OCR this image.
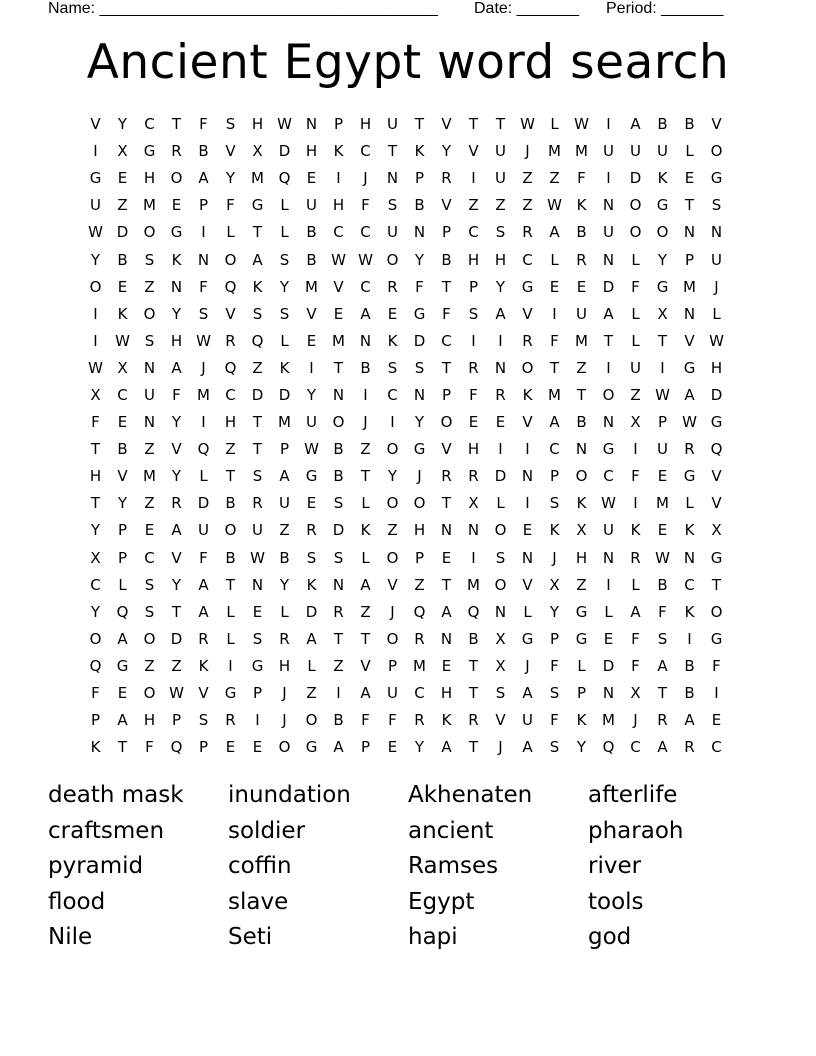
Name: ______________________________________ Date: _______ Period: _______
Ancient Egypt word search
V	Y	C	T	F	S	H W N	P	H	U	T	V	T	T	W	L	W	I	A	B	B	V
I	X	G	R	B	V	X	D	H	K	C	T	K	Y	V	U	J	M M	U	U	U	L	O
G	E	H	O	A	Y	M Q	E	I	J	N	P	R	I	U	Z	Z	F	I	D	K	E	G
U	Z	M	E	P	F	G	L	U	H	F	S	B	V	Z	Z	Z W K	N	O	G	T	S
W D	O	G	I	L	T	L	B	C	C	U	N	P	C	S	R	A	B	U	O	O	N	N
Y	B	S	K	N	O	A	S	B W W O	Y	B	H	H	C	L	R	N	L	Y	P	U
O	E	Z	N	F	Q	K	Y	M	V	C	R	F	T	P	Y	G	E	E	D	F	G M	J
I	K	O	Y	S	V	S	S	V	E	A	E	G	F	S	A	V	I	U	A	L	X	N	L
I	W S	H W R	Q	L	E	M N	K	D	C	I	I	R	F	M	T	L	T	V W
W X	N	A	J	Q	Z	K	I	T	B	S	S	T	R	N	O	T	Z	I	U	I	G	H
X	C	U	F	M	C	D	D	Y	N	I	C	N	P	F	R	K	M	T	O	Z W A	D
F	E	N	Y	I	H	T	M	U	O	J	I	Y	O	E	E	V	A	B	N	X	P	W G
T	B	Z	V	Q	Z	T	P	W B	Z	O	G	V	H	I	I	C	N	G	I	U	R	Q
H	V	M	Y	L	T	S	A	G	B	T	Y	J	R	R	D	N	P	O	C	F	E	G	V
T	Y	Z	R	D	B	R	U	E	S	L	O	O	T	X	L	I	S	K W	I	M	L	V
Y	P	E	A	U	O	U	Z	R	D	K	Z	H	N	N	O	E	K	X	U	K	E	K	X
X	P	C	V	F	B W B	S	S	L	O	P	E	I	S	N	J	H	N	R W N	G
C	L	S	Y	A	T	N	Y	K	N	A	V	Z	T	M O	V	X	Z	I	L	B	C	T
Y	Q	S	T	A	L	E	L	D	R	Z	J	Q	A	Q	N	L	Y	G	L	A	F	K	O
O	A	O	D	R	L	S	R	A	T	T	O	R	N	B	X	G	P	G	E	F	S	I	G
Q	G	Z	Z	K	I	G	H	L	Z	V	P	M	E	T	X	J	F	L	D	F	A	B	F
F	E	O W V	G	P	J	Z	I	A	U	C	H	T	S	A	S	P	N	X	T	B	I
P	A	H	P	S	R	I	J	O	B	F	F	R	K	R	V	U	F	K	M	J	R	A	E
K	T	F	Q	P	E	E	O	G	A	P	E	Y	A	T	J	A	S	Y	Q	C	A	R	C
death mask	inundation	Akhenaten	afterlife
craftsmen	soldier	ancient	pharaoh
pyramid	coffin	Ramses	river
flood	slave	Egypt	tools
Nile	Seti	hapi	god
